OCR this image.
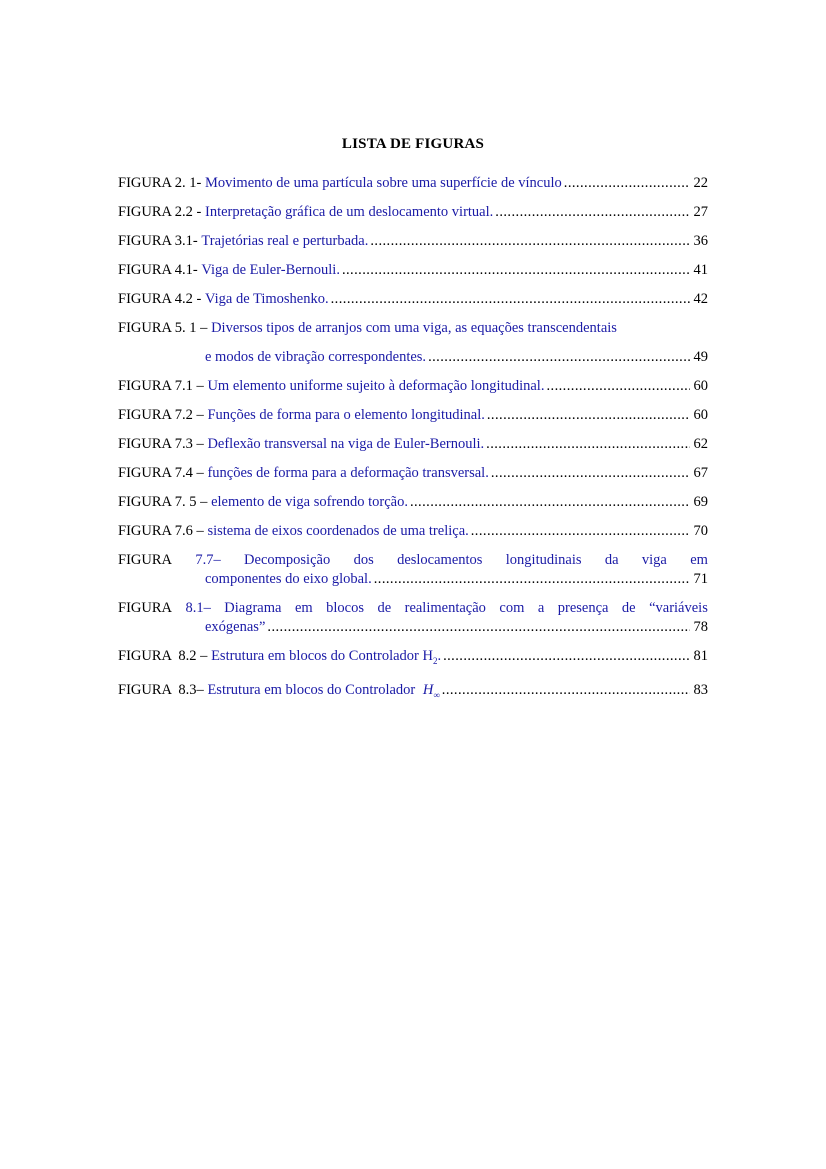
LISTA DE FIGURAS
FIGURA 2. 1-
Movimento de uma partícula sobre uma superfície de vínculo . . .	22
FIGURA 2.2 -
Interpretação gráfica de um deslocamento virtual. . . .	27
FIGURA 3.1-
Trajetórias real e perturbada. . . .	36
FIGURA 4.1-
Viga de Euler-Bernouli. . . .	41
FIGURA 4.2 -
Viga de Timoshenko. . . .	42
FIGURA 5. 1 –
Diversos tipos de arranjos com uma viga, as equações transcendentais
e modos de vibração correspondentes. . . .	49
FIGURA 7.1 –
Um elemento uniforme sujeito à deformação longitudinal. . . .	60
FIGURA 7.2 –
Funções de forma para o elemento longitudinal. . . .	60
FIGURA 7.3 –
Deflexão transversal na viga de Euler-Bernouli. . . .	62
FIGURA 7.4 –
funções de forma para a deformação transversal. . . .	67
FIGURA 7. 5 –
elemento de viga sofrendo torção. . . .	69
FIGURA 7.6 –
sistema de eixos coordenados de uma treliça. . . .	70
FIGURA 7.7– Decomposição dos deslocamentos longitudinais da viga em
componentes do eixo global. . . .	71
FIGURA 8.1– Diagrama em blocos de realimentação com a presença de “variáveis
exógenas” . . .	78
FIGURA  8.2 –
Estrutura em blocos do Controlador $H_2$. . . .	81
FIGURA  8.3–
Estrutura em blocos do Controlador $H_\infty$ . . .	83
